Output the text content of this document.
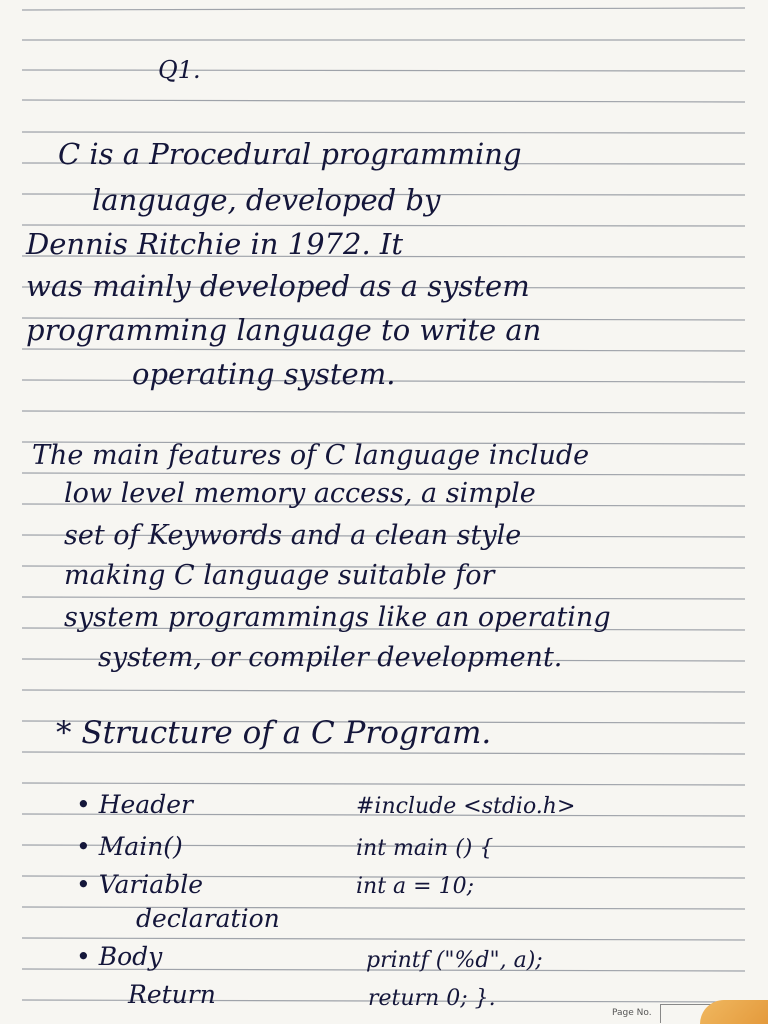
Q1.
C is a Procedural programming
language, developed by
Dennis Ritchie in 1972. It
was mainly developed as a system
programming language to write an
operating system.
The main features of C language include
low level memory access, a simple
set of Keywords and a clean style
making C language suitable for
system programmings like an operating
system, or compiler development.
* Structure of a C Program.
• Header	#include <stdio.h>
• Main()	int main () {
• Variable	int a = 10;
declaration
• Body	printf ("%d", a);
Return	return 0; }.
Page No.
